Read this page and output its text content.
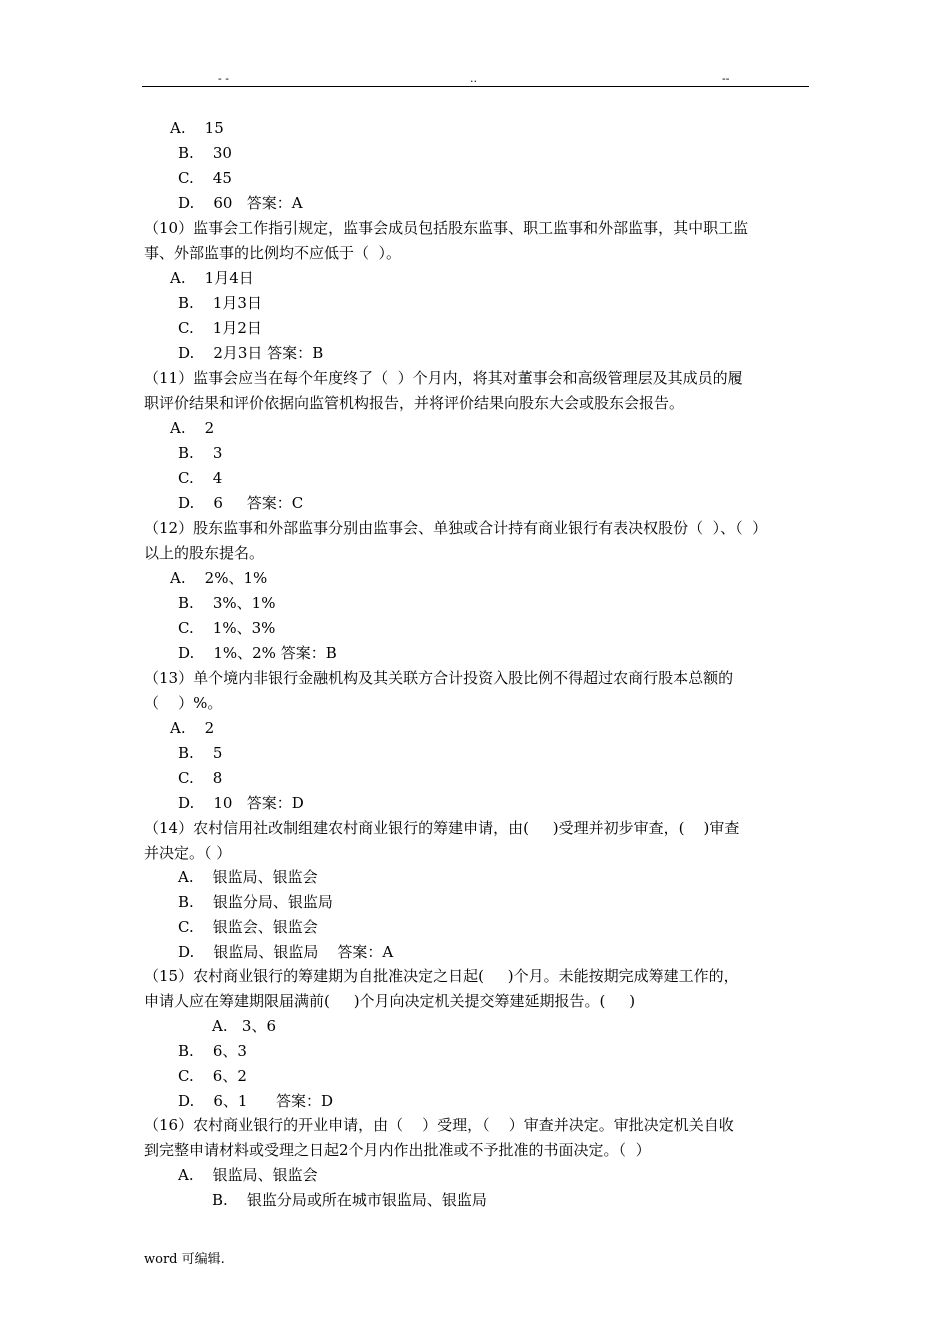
- -	..	--
A.    15
B.    30
C.    45
D.    60   答案：A
（10）监事会工作指引规定，监事会成员包括股东监事、职工监事和外部监事，其中职工监
事、外部监事的比例均不应低于（  ）。
A.    1月4日
B.    1月3日
C.    1月2日
D.    2月3日 答案：B
（11）监事会应当在每个年度终了（  ）个月内，将其对董事会和高级管理层及其成员的履
职评价结果和评价依据向监管机构报告，并将评价结果向股东大会或股东会报告。
A.    2
B.    3
C.    4
D.    6     答案：C
（12）股东监事和外部监事分别由监事会、单独或合计持有商业银行有表决权股份（  ）、（  ）
以上的股东提名。
A.    2%、1%
B.    3%、1%
C.    1%、3%
D.    1%、2% 答案：B
（13）单个境内非银行金融机构及其关联方合计投资入股比例不得超过农商行股本总额的
（    ）%。
A.    2
B.    5
C.    8
D.    10   答案：D
（14）农村信用社改制组建农村商业银行的筹建申请，由(     )受理并初步审查，(    )审查
并决定。（ ）
A.    银监局、银监会
B.    银监分局、银监局
C.    银监会、银监会
D.    银监局、银监局    答案：A
（15）农村商业银行的筹建期为自批准决定之日起(     )个月。未能按期完成筹建工作的，
申请人应在筹建期限届满前(     )个月向决定机关提交筹建延期报告。(     )
A.   3、6
B.    6、3
C.    6、2
D.    6、1      答案：D
（16）农村商业银行的开业申请，由（    ）受理，（    ）审查并决定。审批决定机关自收
到完整申请材料或受理之日起2个月内作出批准或不予批准的书面决定。（  ）
A.    银监局、银监会
B.    银监分局或所在城市银监局、银监局
word 可编辑.
